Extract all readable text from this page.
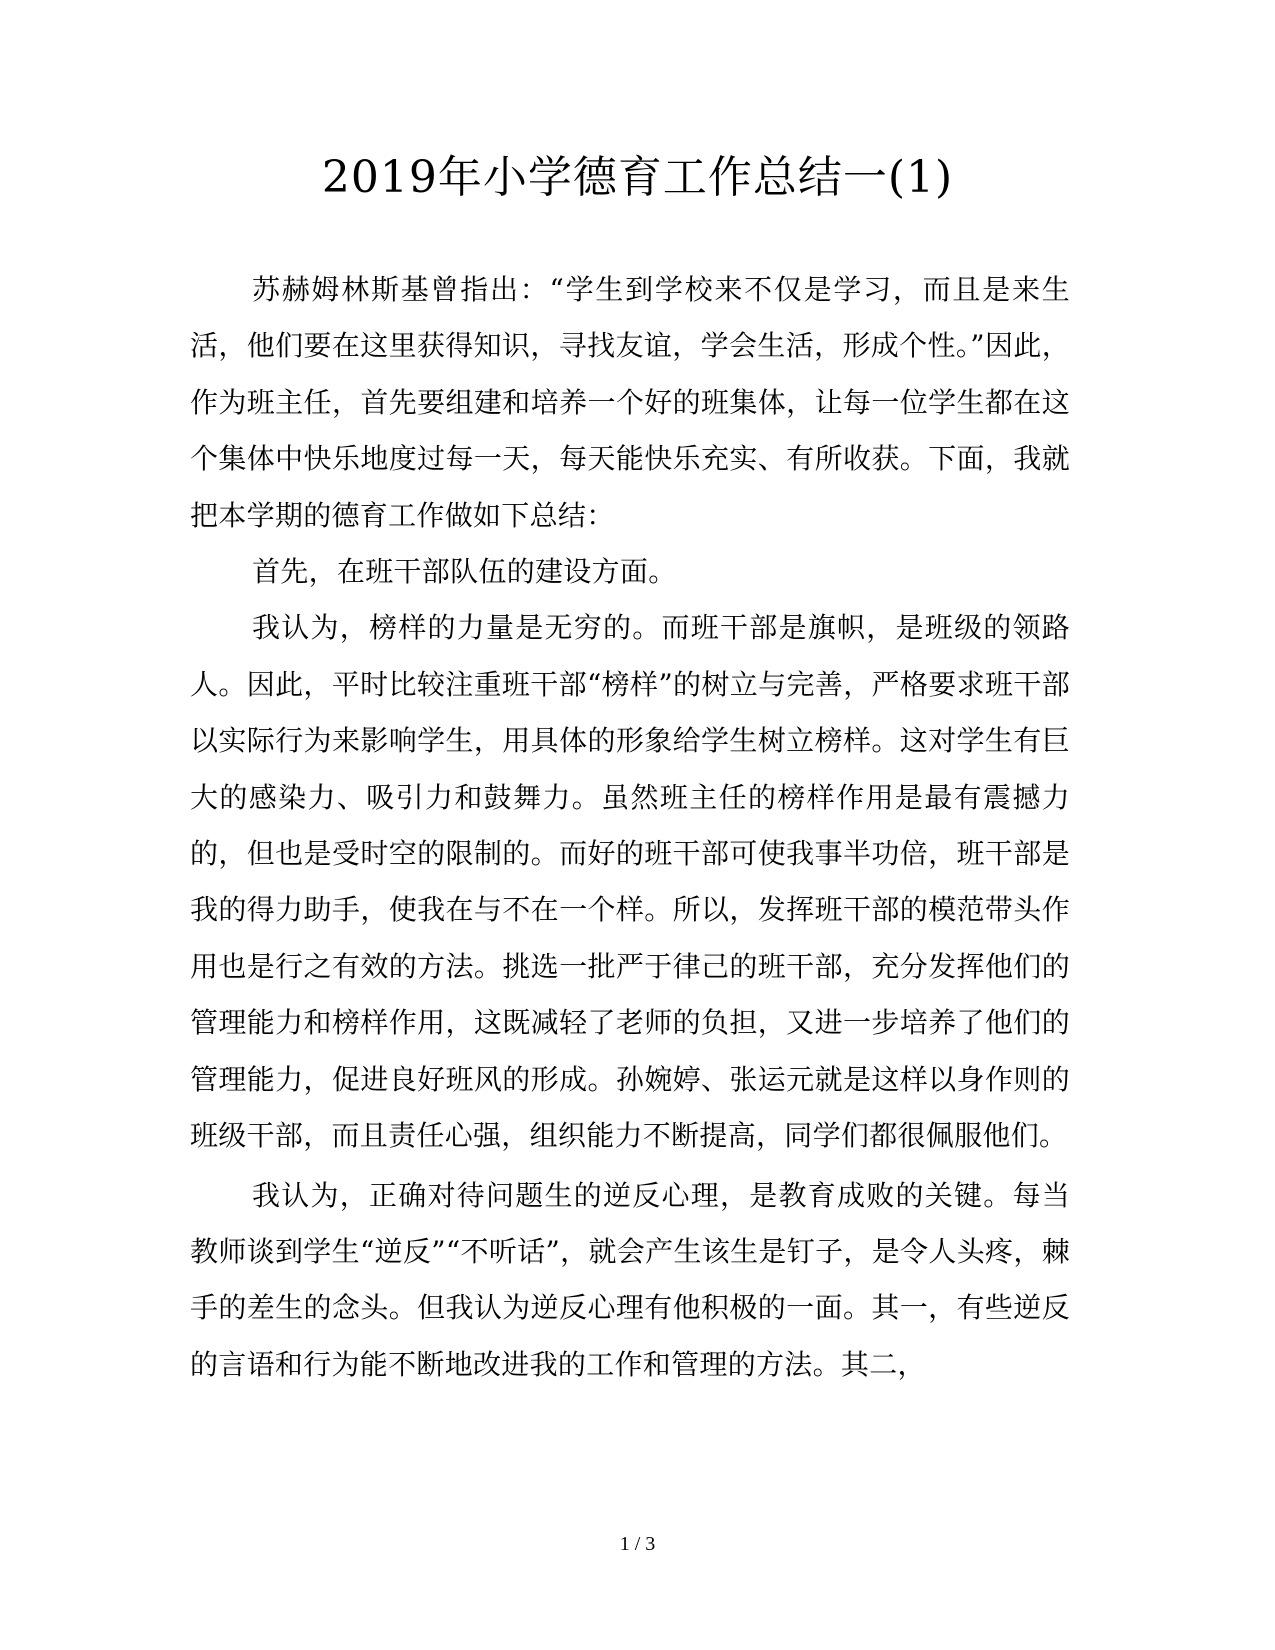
2019年小学德育工作总结一(1)

苏赫姆林斯基曾指出：“学生到学校来不仅是学习，而且是来生活，他们要在这里获得知识，寻找友谊，学会生活，形成个性。”因此，作为班主任，首先要组建和培养一个好的班集体，让每一位学生都在这个集体中快乐地度过每一天，每天能快乐充实、有所收获。下面，我就把本学期的德育工作做如下总结：

首先，在班干部队伍的建设方面。

我认为，榜样的力量是无穷的。而班干部是旗帜，是班级的领路人。因此，平时比较注重班干部“榜样”的树立与完善，严格要求班干部以实际行为来影响学生，用具体的形象给学生树立榜样。这对学生有巨大的感染力、吸引力和鼓舞力。虽然班主任的榜样作用是最有震撼力的，但也是受时空的限制的。而好的班干部可使我事半功倍，班干部是我的得力助手，使我在与不在一个样。所以，发挥班干部的模范带头作用也是行之有效的方法。挑选一批严于律己的班干部，充分发挥他们的管理能力和榜样作用，这既减轻了老师的负担，又进一步培养了他们的管理能力，促进良好班风的形成。孙婉婷、张运元就是这样以身作则的班级干部，而且责任心强，组织能力不断提高，同学们都很佩服他们。

我认为，正确对待问题生的逆反心理，是教育成败的关键。每当教师谈到学生“逆反”“不听话”，就会产生该生是钉子，是令人头疼，棘手的差生的念头。但我认为逆反心理有他积极的一面。其一，有些逆反的言语和行为能不断地改进我的工作和管理的方法。其二，

1 / 3
